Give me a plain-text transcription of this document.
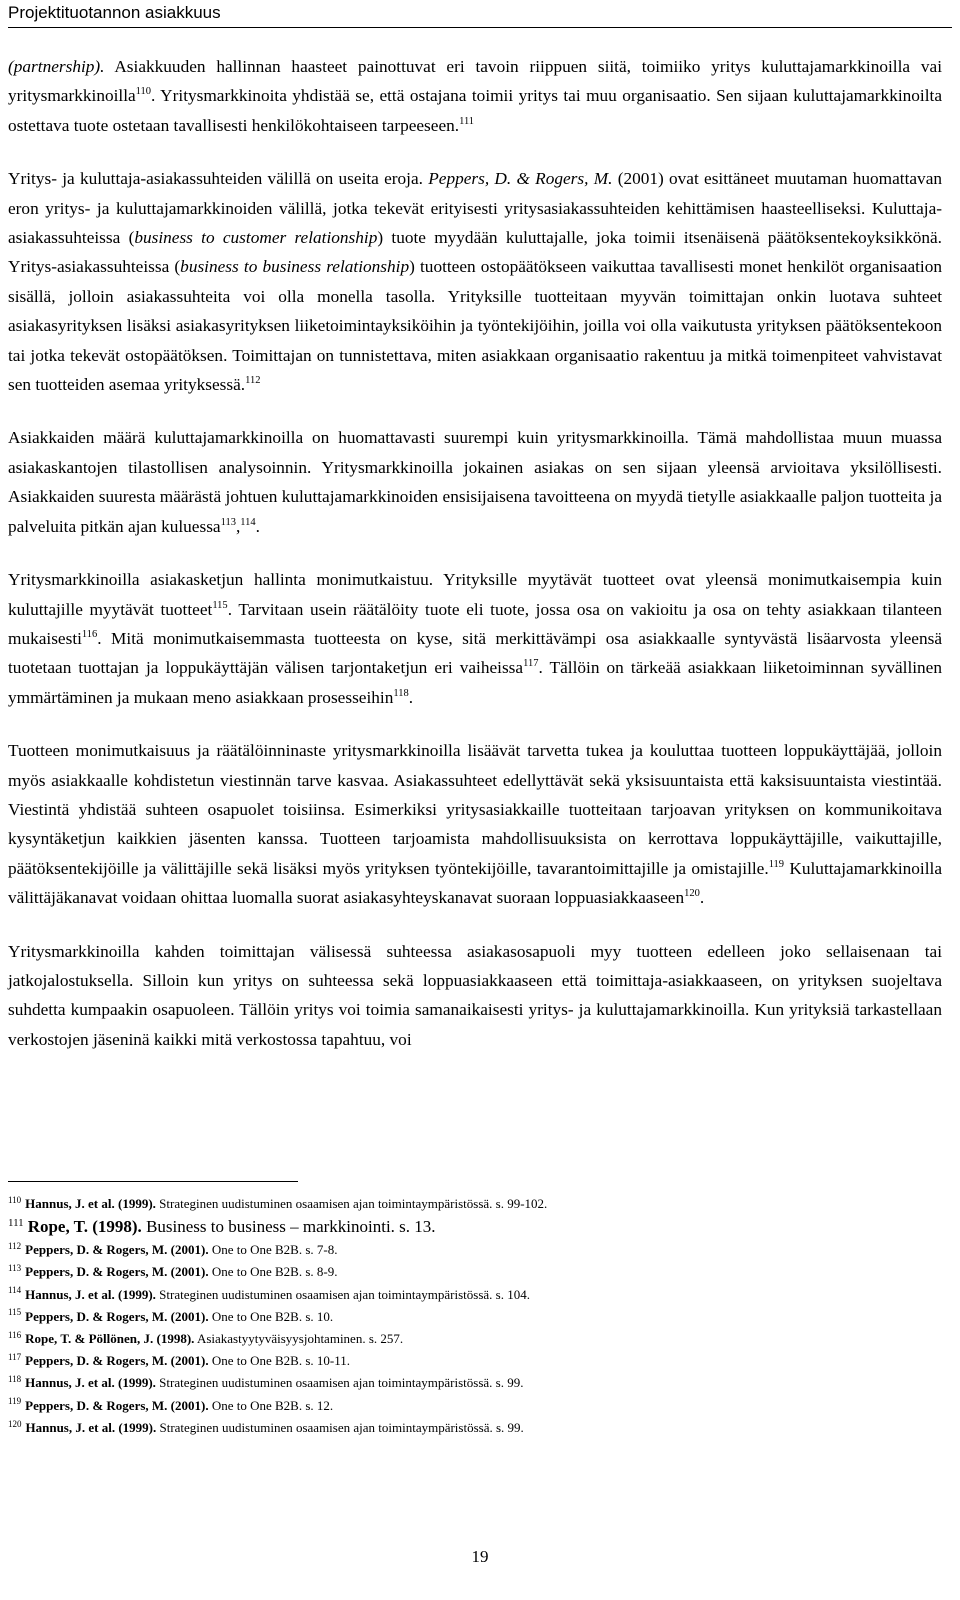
Projektituotannon asiakkuus

(partnership). Asiakkuuden hallinnan haasteet painottuvat eri tavoin riippuen siitä, toimiiko yritys kuluttajamarkkinoilla vai yritysmarkkinoilla$^{110}$. Yritysmarkkinoita yhdistää se, että ostajana toimii yritys tai muu organisaatio. Sen sijaan kuluttajamarkkinoilta ostettava tuote ostetaan tavallisesti henkilökohtaiseen tarpeeseen.$^{111}$

Yritys- ja kuluttaja-asiakassuhteiden välillä on useita eroja. Peppers, D. & Rogers, M. (2001) ovat esittäneet muutaman huomattavan eron yritys- ja kuluttajamarkkinoiden välillä, jotka tekevät erityisesti yritysasiakassuhteiden kehittämisen haasteelliseksi. Kuluttaja-asiakassuhteissa (business to customer relationship) tuote myydään kuluttajalle, joka toimii itsenäisenä päätöksentekoyksikkönä. Yritys-asiakassuhteissa (business to business relationship) tuotteen ostopäätökseen vaikuttaa tavallisesti monet henkilöt organisaation sisällä, jolloin asiakassuhteita voi olla monella tasolla. Yrityksille tuotteitaan myyvän toimittajan onkin luotava suhteet asiakasyrityksen lisäksi asiakasyrityksen liiketoimintayksiköihin ja työntekijöihin, joilla voi olla vaikutusta yrityksen päätöksentekoon tai jotka tekevät ostopäätöksen. Toimittajan on tunnistettava, miten asiakkaan organisaatio rakentuu ja mitkä toimenpiteet vahvistavat sen tuotteiden asemaa yrityksessä.$^{112}$

Asiakkaiden määrä kuluttajamarkkinoilla on huomattavasti suurempi kuin yritysmarkkinoilla. Tämä mahdollistaa muun muassa asiakaskantojen tilastollisen analysoinnin. Yritysmarkkinoilla jokainen asiakas on sen sijaan yleensä arvioitava yksilöllisesti. Asiakkaiden suuresta määrästä johtuen kuluttajamarkkinoiden ensisijaisena tavoitteena on myydä tietylle asiakkaalle paljon tuotteita ja palveluita pitkän ajan kuluessa$^{113}$,$^{114}$.

Yritysmarkkinoilla asiakasketjun hallinta monimutkaistuu. Yrityksille myytävät tuotteet ovat yleensä monimutkaisempia kuin kuluttajille myytävät tuotteet$^{115}$. Tarvitaan usein räätälöity tuote eli tuote, jossa osa on vakioitu ja osa on tehty asiakkaan tilanteen mukaisesti$^{116}$. Mitä monimutkaisemmasta tuotteesta on kyse, sitä merkittävämpi osa asiakkaalle syntyvästä lisäarvosta yleensä tuotetaan tuottajan ja loppukäyttäjän välisen tarjontaketjun eri vaiheissa$^{117}$. Tällöin on tärkeää asiakkaan liiketoiminnan syvällinen ymmärtäminen ja mukaan meno asiakkaan prosesseihin$^{118}$.

Tuotteen monimutkaisuus ja räätälöinninaste yritysmarkkinoilla lisäävät tarvetta tukea ja kouluttaa tuotteen loppukäyttäjää, jolloin myös asiakkaalle kohdistetun viestinnän tarve kasvaa. Asiakassuhteet edellyttävät sekä yksisuuntaista että kaksisuuntaista viestintää. Viestintä yhdistää suhteen osapuolet toisiinsa. Esimerkiksi yritysasiakkaille tuotteitaan tarjoavan yrityksen on kommunikoitava kysyntäketjun kaikkien jäsenten kanssa. Tuotteen tarjoamista mahdollisuuksista on kerrottava loppukäyttäjille, vaikuttajille, päätöksentekijöille ja välittäjille sekä lisäksi myös yrityksen työntekijöille, tavarantoimittajille ja omistajille.$^{119}$ Kuluttajamarkkinoilla välittäjäkanavat voidaan ohittaa luomalla suorat asiakasyhteyskanavat suoraan loppuasiakkaaseen$^{120}$.

Yritysmarkkinoilla kahden toimittajan välisessä suhteessa asiakasosapuoli myy tuotteen edelleen joko sellaisenaan tai jatkojalostuksella. Silloin kun yritys on suhteessa sekä loppuasiakkaaseen että toimittaja-asiakkaaseen, on yrityksen suojeltava suhdetta kumpaakin osapuoleen. Tällöin yritys voi toimia samanaikaisesti yritys- ja kuluttajamarkkinoilla. Kun yrityksiä tarkastellaan verkostojen jäseninä kaikki mitä verkostossa tapahtuu, voi

$^{110}$ Hannus, J. et al. (1999). Strateginen uudistuminen osaamisen ajan toimintaympäristössä. s. 99-102.
$^{111}$ Rope, T. (1998). Business to business – markkinointi. s. 13.
$^{112}$ Peppers, D. & Rogers, M. (2001). One to One B2B. s. 7-8.
$^{113}$ Peppers, D. & Rogers, M. (2001). One to One B2B. s. 8-9.
$^{114}$ Hannus, J. et al. (1999). Strateginen uudistuminen osaamisen ajan toimintaympäristössä. s. 104.
$^{115}$ Peppers, D. & Rogers, M. (2001). One to One B2B. s. 10.
$^{116}$ Rope, T. & Pöllönen, J. (1998). Asiakastyytyväisyysjohtaminen. s. 257.
$^{117}$ Peppers, D. & Rogers, M. (2001). One to One B2B. s. 10-11.
$^{118}$ Hannus, J. et al. (1999). Strateginen uudistuminen osaamisen ajan toimintaympäristössä. s. 99.
$^{119}$ Peppers, D. & Rogers, M. (2001). One to One B2B. s. 12.
$^{120}$ Hannus, J. et al. (1999). Strateginen uudistuminen osaamisen ajan toimintaympäristössä. s. 99.
19
